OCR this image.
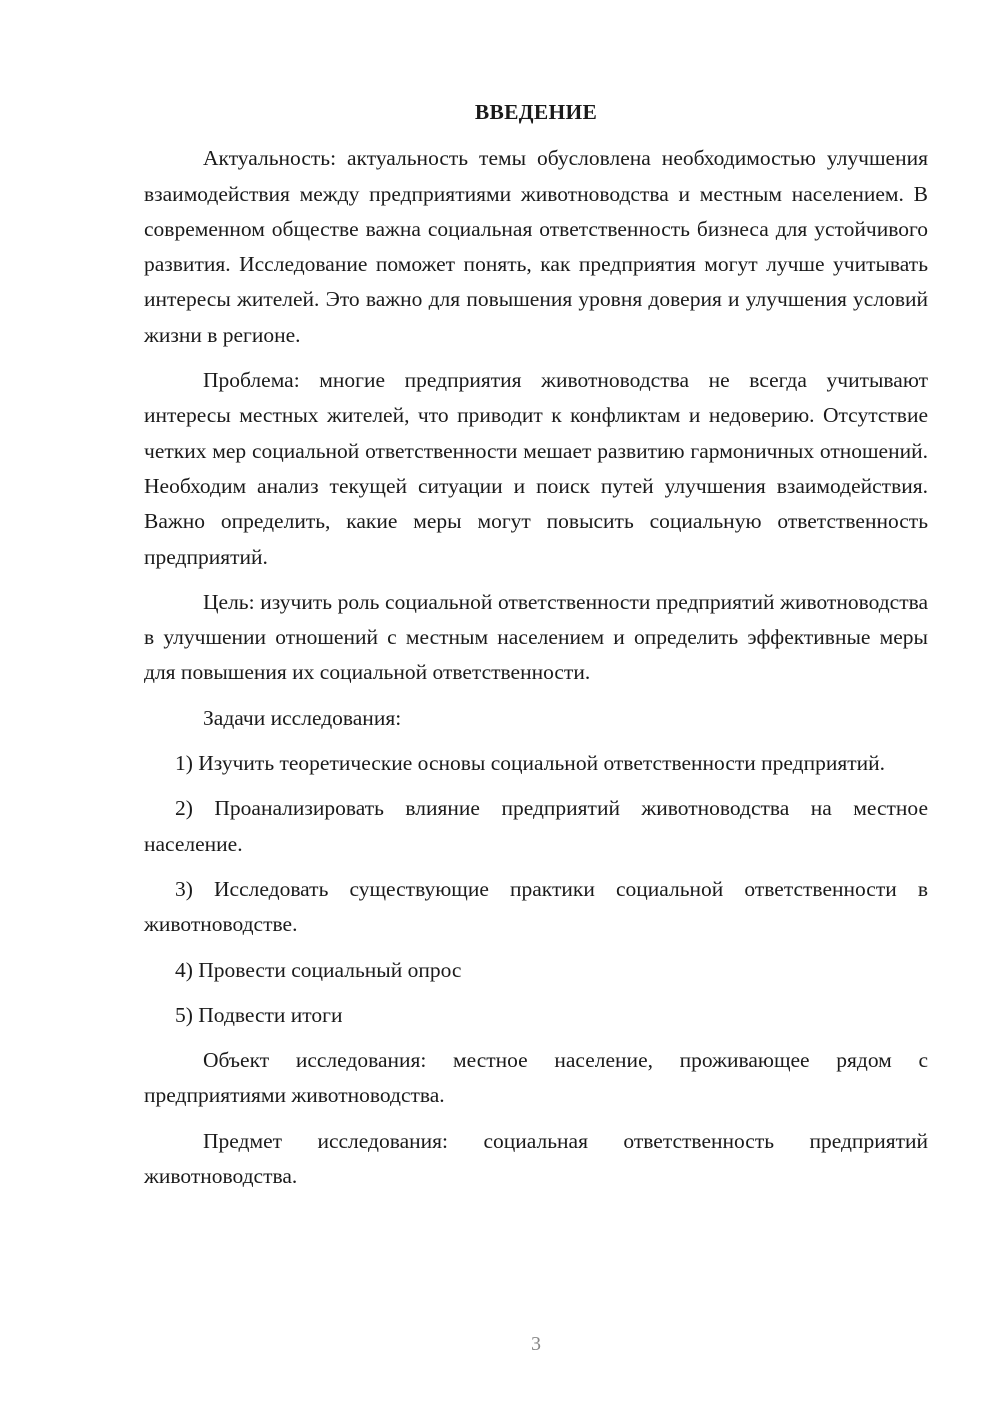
ВВЕДЕНИЕ

Актуальность: актуальность темы обусловлена необходимостью улучшения взаимодействия между предприятиями животноводства и местным населением. В современном обществе важна социальная ответственность бизнеса для устойчивого развития. Исследование поможет понять, как предприятия могут лучше учитывать интересы жителей. Это важно для повышения уровня доверия и улучшения условий жизни в регионе.

Проблема: многие предприятия животноводства не всегда учитывают интересы местных жителей, что приводит к конфликтам и недоверию. Отсутствие четких мер социальной ответственности мешает развитию гармоничных отношений. Необходим анализ текущей ситуации и поиск путей улучшения взаимодействия. Важно определить, какие меры могут повысить социальную ответственность предприятий.

Цель: изучить роль социальной ответственности предприятий животноводства в улучшении отношений с местным населением и определить эффективные меры для повышения их социальной ответственности.

Задачи исследования:

1) Изучить теоретические основы социальной ответственности предприятий.

2) Проанализировать влияние предприятий животноводства на местное население.

3) Исследовать существующие практики социальной ответственности в животноводстве.

4) Провести социальный опрос

5) Подвести итоги

Объект исследования: местное население, проживающее рядом с предприятиями животноводства.

Предмет исследования: социальная ответственность предприятий животноводства.

3
